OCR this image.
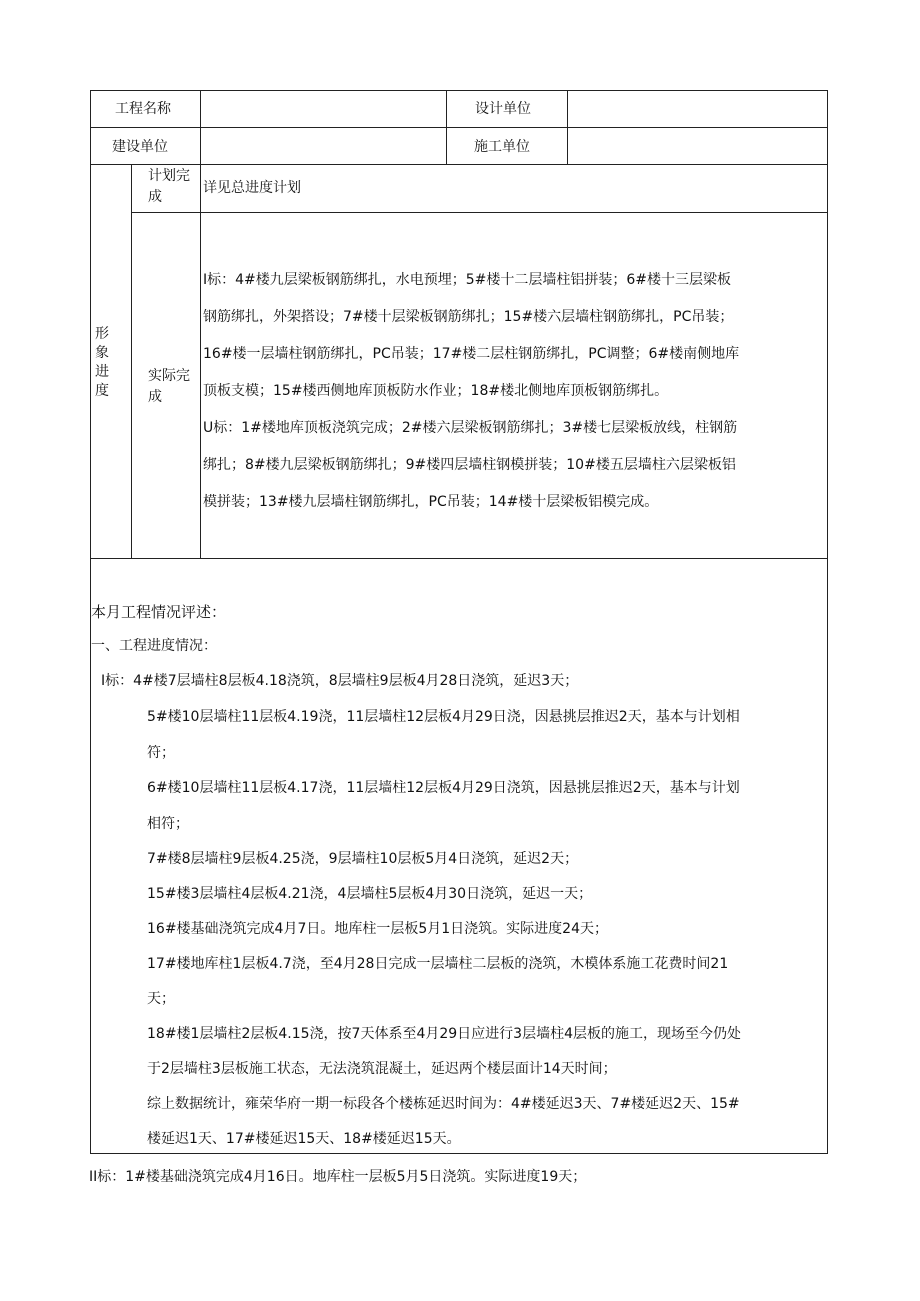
工程名称	设计单位
建设单位	施工单位
形
象
进
度
计划完
成
详见总进度计划
实际完
成
I标：4#楼九层梁板钢筋绑扎，水电预埋；5#楼十二层墙柱铝拼装；6#楼十三层梁板
钢筋绑扎，外架搭设；7#楼十层梁板钢筋绑扎；15#楼六层墙柱钢筋绑扎，PC吊装；
16#楼一层墙柱钢筋绑扎，PC吊装；17#楼二层柱钢筋绑扎，PC调整；6#楼南侧地库
顶板支模；15#楼西侧地库顶板防水作业；18#楼北侧地库顶板钢筋绑扎。
U标：1#楼地库顶板浇筑完成；2#楼六层梁板钢筋绑扎；3#楼七层梁板放线，柱钢筋
绑扎；8#楼九层梁板钢筋绑扎；9#楼四层墙柱钢模拼装；10#楼五层墙柱六层梁板铝
模拼装；13#楼九层墙柱钢筋绑扎，PC吊装；14#楼十层梁板铝模完成。
本月工程情况评述：
一、工程进度情况：
I标：4#楼7层墙柱8层板4.18浇筑，8层墙柱9层板4月28日浇筑，延迟3天；
5#楼10层墙柱11层板4.19浇，11层墙柱12层板4月29日浇，因悬挑层推迟2天，基本与计划相
符；
6#楼10层墙柱11层板4.17浇，11层墙柱12层板4月29日浇筑，因悬挑层推迟2天，基本与计划
相符；
7#楼8层墙柱9层板4.25浇，9层墙柱10层板5月4日浇筑，延迟2天；
15#楼3层墙柱4层板4.21浇，4层墙柱5层板4月30日浇筑，延迟一天；
16#楼基础浇筑完成4月7日。地库柱一层板5月1日浇筑。实际进度24天；
17#楼地库柱1层板4.7浇，至4月28日完成一层墙柱二层板的浇筑，木模体系施工花费时间21
天；
18#楼1层墙柱2层板4.15浇，按7天体系至4月29日应进行3层墙柱4层板的施工，现场至今仍处
于2层墙柱3层板施工状态，无法浇筑混凝土，延迟两个楼层面计14天时间；
综上数据统计，雍荣华府一期一标段各个楼栋延迟时间为：4#楼延迟3天、7#楼延迟2天、15#
楼延迟1天、17#楼延迟15天、18#楼延迟15天。
II标：1#楼基础浇筑完成4月16日。地库柱一层板5月5日浇筑。实际进度19天；
